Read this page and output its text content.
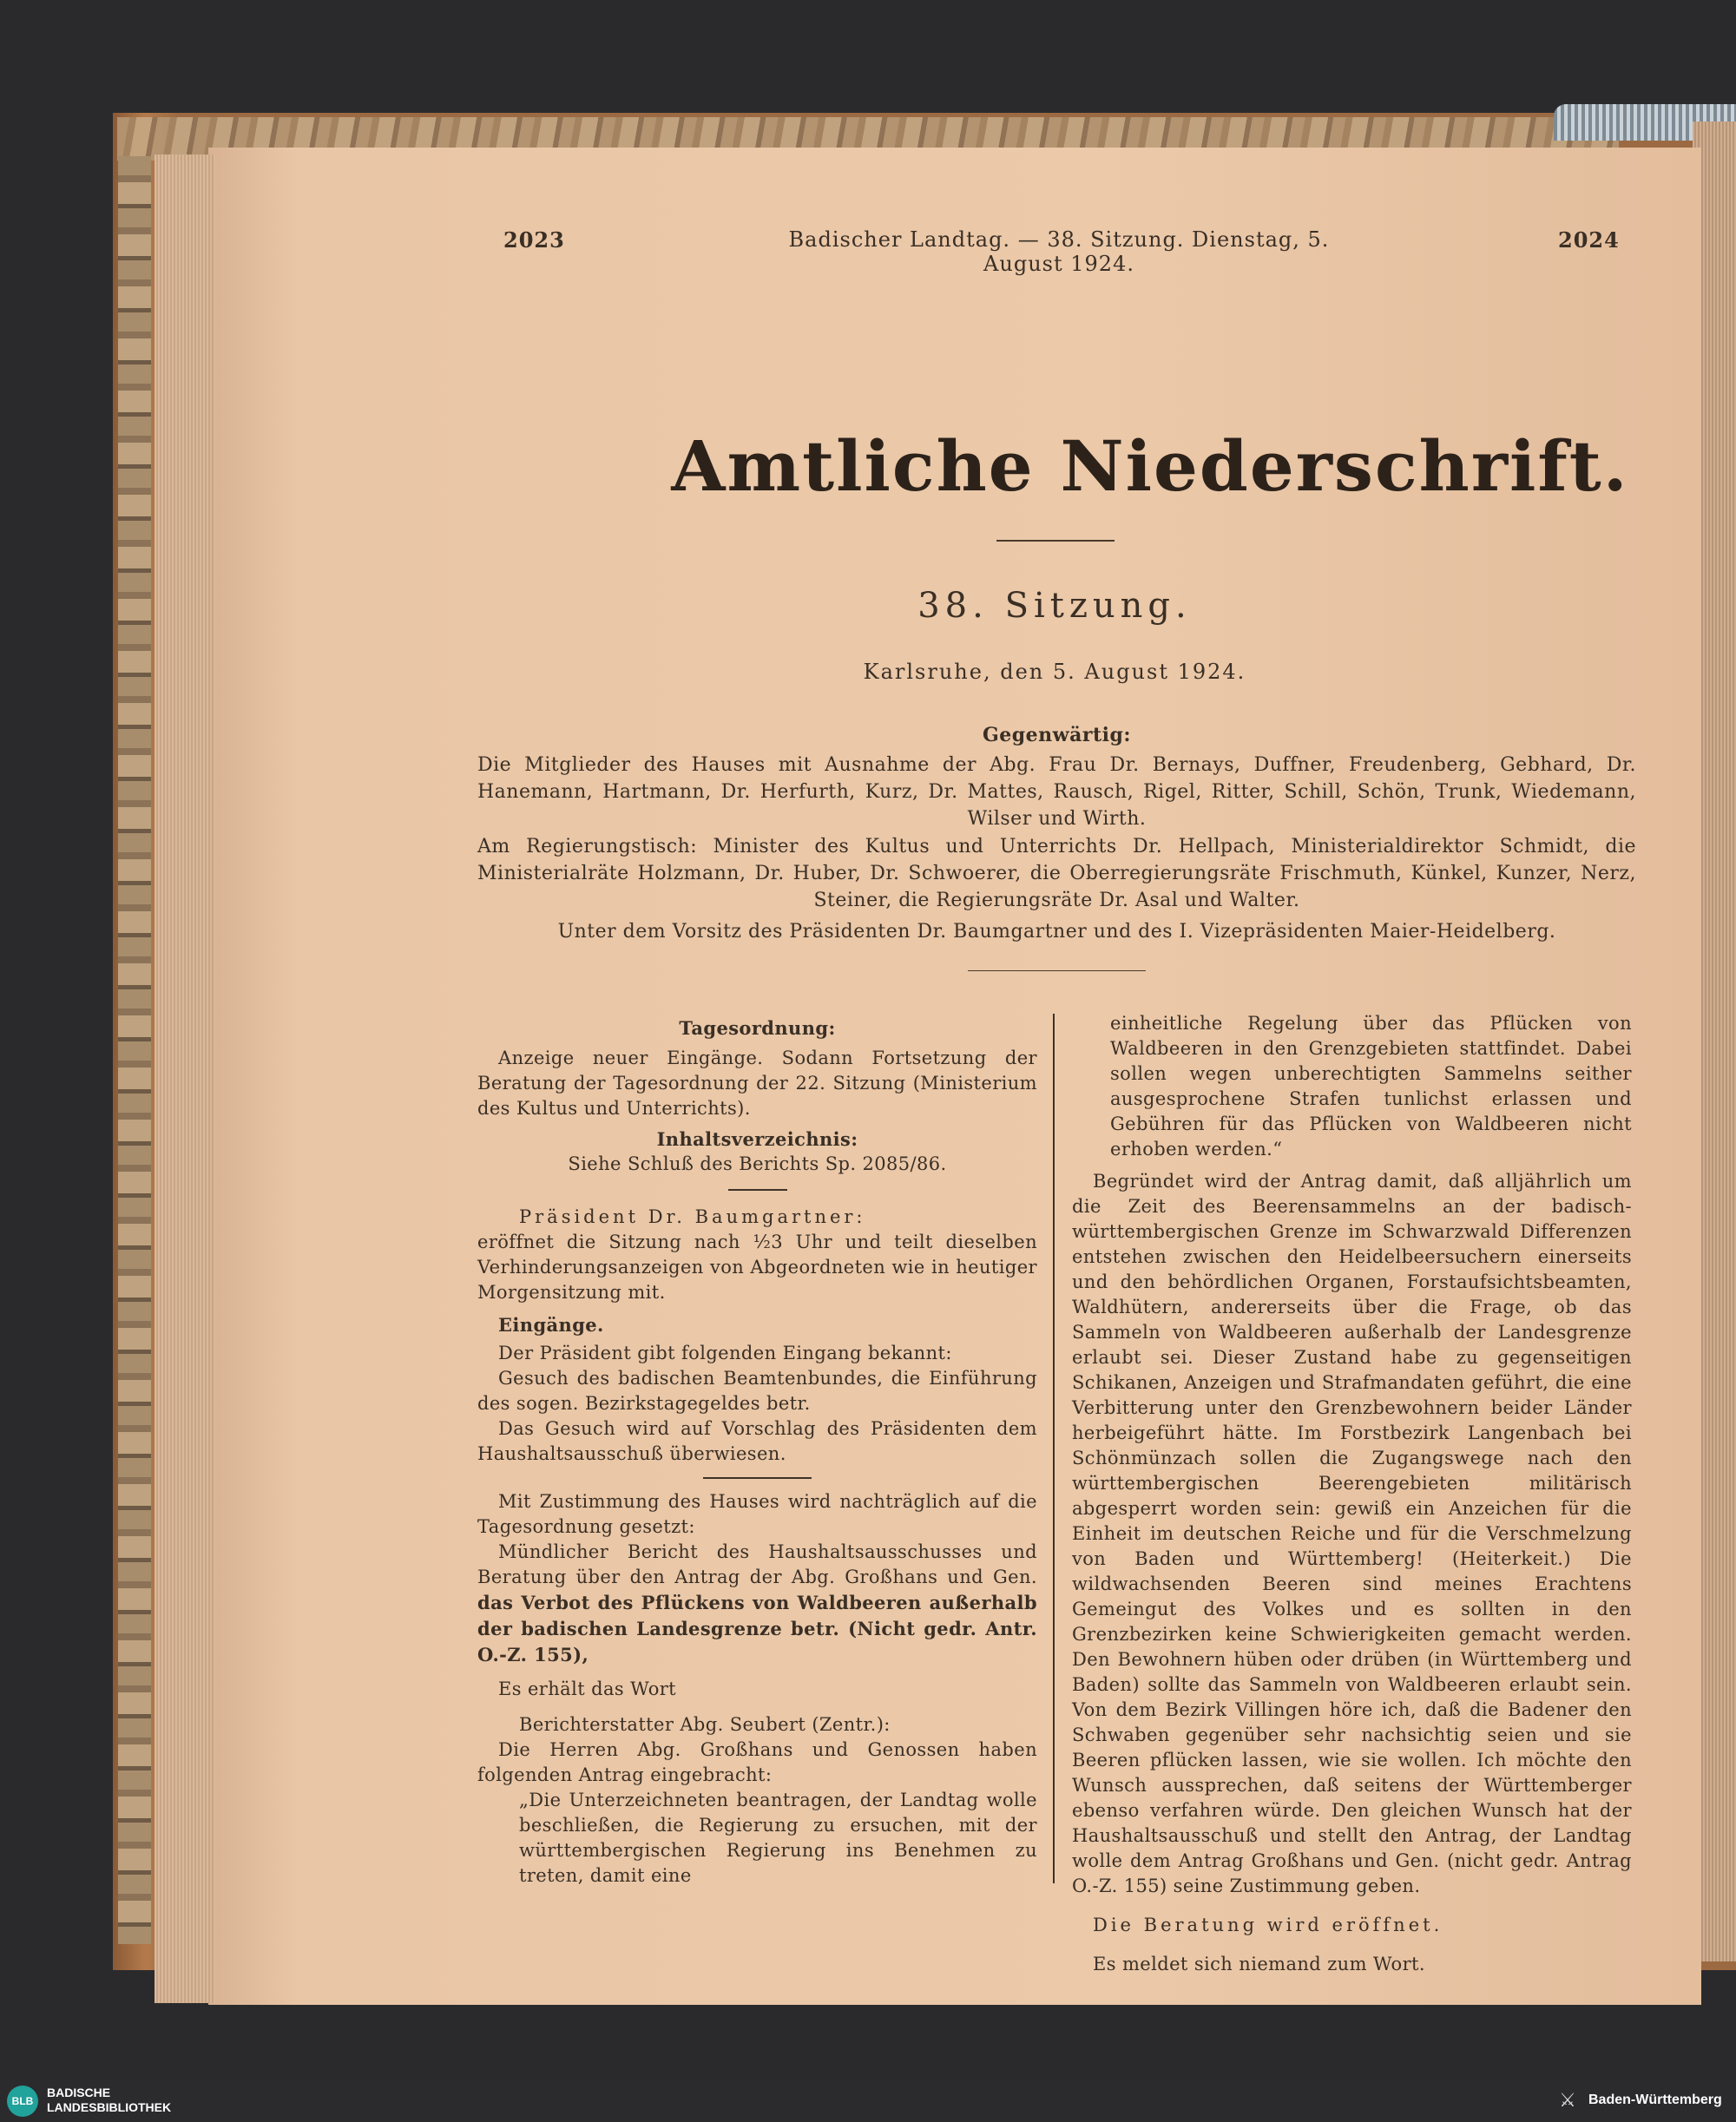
2023	Badischer Landtag. — 38. Sitzung. Dienstag, 5. August 1924.
2024
Amtliche Niederschrift.
38. Sitzung.
Karlsruhe, den 5. August 1924.
Gegenwärtig:
Die Mitglieder des Hauses mit Ausnahme der Abg. Frau Dr. Bernays, Duffner, Freudenberg, Gebhard, Dr. Hanemann, Hartmann, Dr. Herfurth, Kurz, Dr. Mattes, Rausch, Rigel, Ritter, Schill, Schön, Trunk, Wiedemann, Wilser und Wirth.
Am Regierungstisch: Minister des Kultus und Unterrichts Dr. Hellpach, Ministerialdirektor Schmidt, die Ministerialräte Holzmann, Dr. Huber, Dr. Schwoerer, die Oberregierungsräte Frischmuth, Künkel, Kunzer, Nerz, Steiner, die Regierungsräte Dr. Asal und Walter.
Unter dem Vorsitz des Präsidenten Dr. Baumgartner und des I. Vizepräsidenten Maier-Heidelberg.

Tagesordnung:

Anzeige neuer Eingänge. Sodann Fortsetzung der Beratung der Tagesordnung der 22. Sitzung (Ministerium des Kultus und Unterrichts).

Inhaltsverzeichnis:

Siehe Schluß des Berichts Sp. 2085/86.

Präsident Dr. Baumgartner:

eröffnet die Sitzung nach ½3 Uhr und teilt dieselben Verhinderungsanzeigen von Abgeordneten wie in heutiger Morgensitzung mit.

Eingänge.

Der Präsident gibt folgenden Eingang bekannt:

Gesuch des badischen Beamtenbundes, die Einführung des sogen. Bezirkstagegeldes betr.

Das Gesuch wird auf Vorschlag des Präsidenten dem Haushaltsausschuß überwiesen.

Mit Zustimmung des Hauses wird nachträglich auf die Tagesordnung gesetzt:

Mündlicher Bericht des Haushaltsausschusses und Beratung über den Antrag der Abg. Großhans und Gen. das Verbot des Pflückens von Waldbeeren außerhalb der badischen Landesgrenze betr. (Nicht gedr. Antr. O.-Z. 155),

Es erhält das Wort

Berichterstatter Abg. Seubert (Zentr.):

Die Herren Abg. Großhans und Genossen haben folgenden Antrag eingebracht:

„Die Unterzeichneten beantragen, der Landtag wolle beschließen, die Regierung zu ersuchen, mit der württembergischen Regierung ins Benehmen zu treten, damit eine

einheitliche Regelung über das Pflücken von Waldbeeren in den Grenzgebieten stattfindet. Dabei sollen wegen unberechtigten Sammelns seither ausgesprochene Strafen tunlichst erlassen und Gebühren für das Pflücken von Waldbeeren nicht erhoben werden.“

Begründet wird der Antrag damit, daß alljährlich um die Zeit des Beerensammelns an der badisch-württembergischen Grenze im Schwarzwald Differenzen entstehen zwischen den Heidelbeersuchern einerseits und den behördlichen Organen, Forstaufsichtsbeamten, Waldhütern, andererseits über die Frage, ob das Sammeln von Waldbeeren außerhalb der Landesgrenze erlaubt sei. Dieser Zustand habe zu gegenseitigen Schikanen, Anzeigen und Strafmandaten geführt, die eine Verbitterung unter den Grenzbewohnern beider Länder herbeigeführt hätte. Im Forstbezirk Langenbach bei Schönmünzach sollen die Zugangswege nach den württembergischen Beerengebieten militärisch abgesperrt worden sein: gewiß ein Anzeichen für die Einheit im deutschen Reiche und für die Verschmelzung von Baden und Württemberg! (Heiterkeit.) Die wildwachsenden Beeren sind meines Erachtens Gemeingut des Volkes und es sollten in den Grenzbezirken keine Schwierigkeiten gemacht werden. Den Bewohnern hüben oder drüben (in Württemberg und Baden) sollte das Sammeln von Waldbeeren erlaubt sein. Von dem Bezirk Villingen höre ich, daß die Badener den Schwaben gegenüber sehr nachsichtig seien und sie Beeren pflücken lassen, wie sie wollen. Ich möchte den Wunsch aussprechen, daß seitens der Württemberger ebenso verfahren würde. Den gleichen Wunsch hat der Haushaltsausschuß und stellt den Antrag, der Landtag wolle dem Antrag Großhans und Gen. (nicht gedr. Antrag O.-Z. 155) seine Zustimmung geben.

Die Beratung wird eröffnet.

Es meldet sich niemand zum Wort.

BLB
BADISCHE
LANDESBIBLIOTHEK	⚔ Baden-Württemberg
